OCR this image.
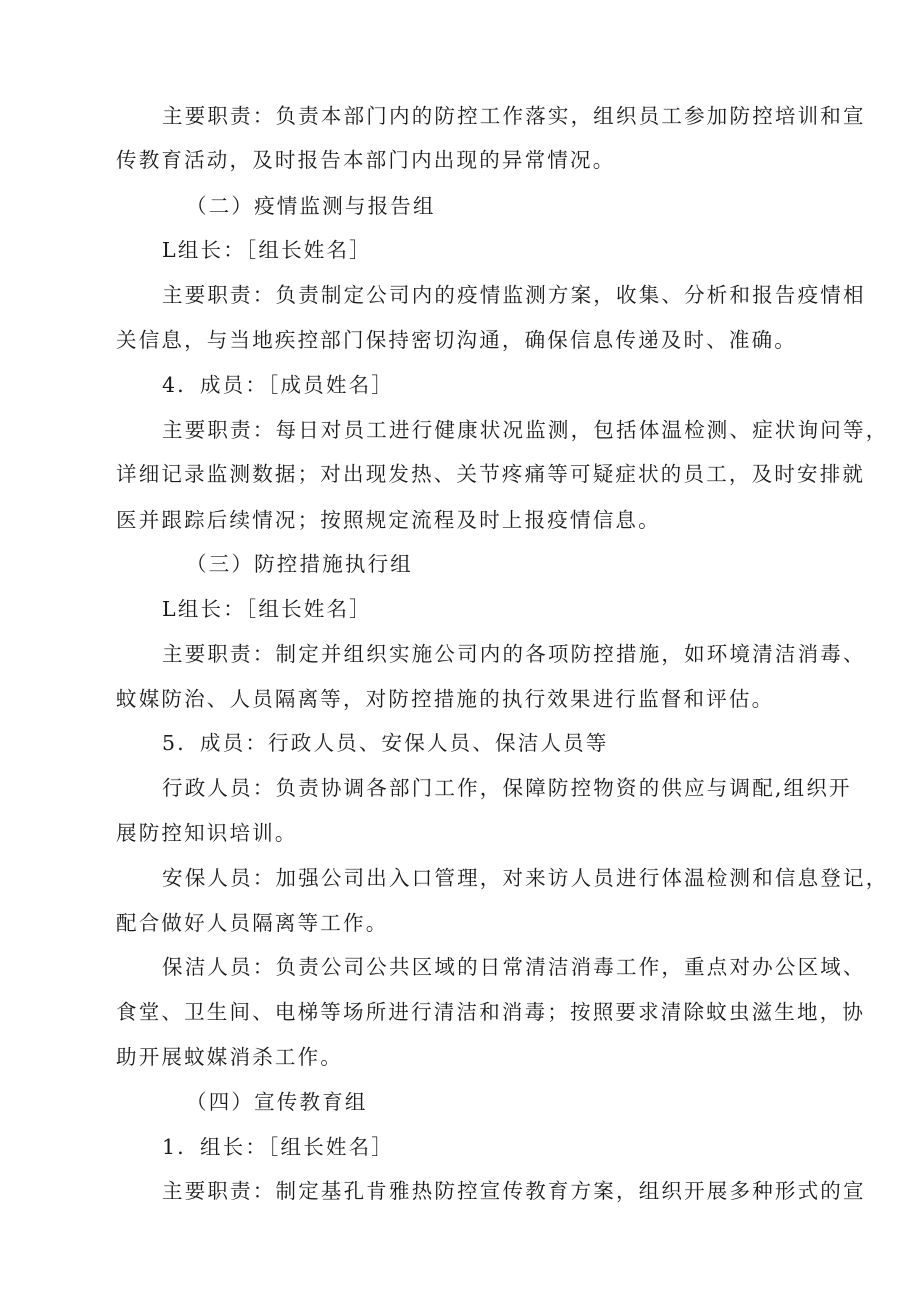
主要职责：负责本部门内的防控工作落实，组织员工参加防控培训和宣
传教育活动，及时报告本部门内出现的异常情况。
（二）疫情监测与报告组
L组长：［组长姓名］
主要职责：负责制定公司内的疫情监测方案，收集、分析和报告疫情相
关信息，与当地疾控部门保持密切沟通，确保信息传递及时、准确。
4．成员：［成员姓名］
主要职责：每日对员工进行健康状况监测，包括体温检测、症状询问等，
详细记录监测数据；对出现发热、关节疼痛等可疑症状的员工，及时安排就
医并跟踪后续情况；按照规定流程及时上报疫情信息。
（三）防控措施执行组
L组长：［组长姓名］
主要职责：制定并组织实施公司内的各项防控措施，如环境清洁消毒、
蚊媒防治、人员隔离等，对防控措施的执行效果进行监督和评估。
5．成员：行政人员、安保人员、保洁人员等
行政人员：负责协调各部门工作，保障防控物资的供应与调配,组织开
展防控知识培训。
安保人员：加强公司出入口管理，对来访人员进行体温检测和信息登记，
配合做好人员隔离等工作。
保洁人员：负责公司公共区域的日常清洁消毒工作，重点对办公区域、
食堂、卫生间、电梯等场所进行清洁和消毒；按照要求清除蚊虫滋生地，协
助开展蚊媒消杀工作。
（四）宣传教育组
1．组长：［组长姓名］
主要职责：制定基孔肯雅热防控宣传教育方案，组织开展多种形式的宣
